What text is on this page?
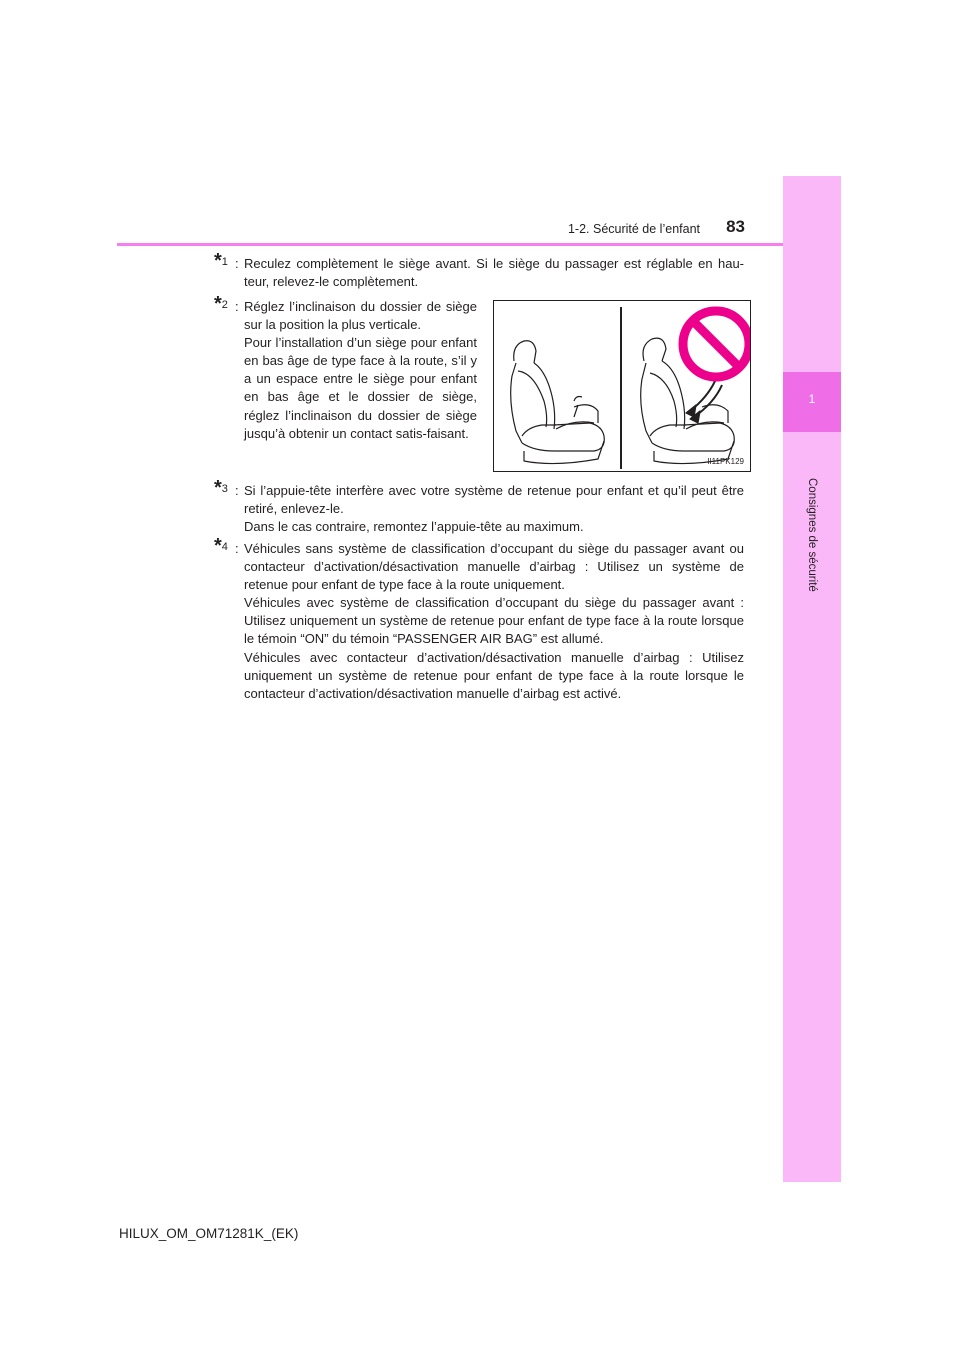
1
Consignes de sécurité
1-2. Sécurité de l’enfant	83
*1 : Reculez complètement le siège avant. Si le siège du passager est réglable en hau-teur, relevez-le complètement.

*2 : Réglez l’inclinaison du dossier de siège sur la position la plus verticale.

Pour l’installation d’un siège pour enfant en bas âge de type face à la route, s’il y a un espace entre le siège pour enfant en bas âge et le dossier de siège, réglez l’inclinaison du dossier de siège jusqu’à obtenir un contact satis-faisant.

II11PK129
*3 : Si l’appuie-tête interfère avec votre système de retenue pour enfant et qu’il peut être retiré, enlevez-le.

Dans le cas contraire, remontez l’appuie-tête au maximum.

*4 : Véhicules sans système de classification d’occupant du siège du passager avant ou contacteur d’activation/désactivation manuelle d’airbag : Utilisez un système de retenue pour enfant de type face à la route uniquement.

Véhicules avec système de classification d’occupant du siège du passager avant : Utilisez uniquement un système de retenue pour enfant de type face à la route lorsque le témoin “ON” du témoin “PASSENGER AIR BAG” est allumé.

Véhicules avec contacteur d’activation/désactivation manuelle d’airbag : Utilisez uniquement un système de retenue pour enfant de type face à la route lorsque le contacteur d’activation/désactivation manuelle d’airbag est activé.

HILUX_OM_OM71281K_(EK)
